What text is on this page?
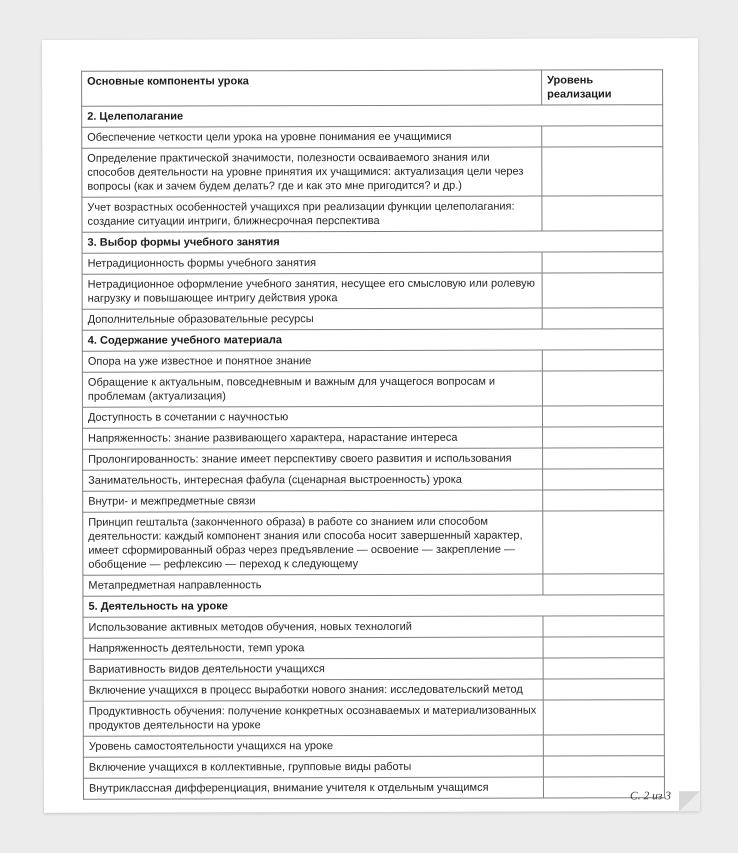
Основные компоненты урока	Уровень реализации
2. Целеполагание	
Обеспечение четкости цели урока на уровне понимания ее учащимися	
Определение практической значимости, полезности осваиваемого знания или способов деятельности на уровне принятия их учащимися: актуализация цели через вопросы (как и зачем будем делать? где и как это мне пригодится? и др.)	
Учет возрастных особенностей учащихся при реализации функции целеполагания: создание ситуации интриги, ближнесрочная перспектива	
3. Выбор формы учебного занятия	
Нетрадиционность формы учебного занятия	
Нетрадиционное оформление учебного занятия, несущее его смысловую или ролевую нагрузку и повышающее интригу действия урока	
Дополнительные образовательные ресурсы	
4. Содержание учебного материала	
Опора на уже известное и понятное знание	
Обращение к актуальным, повседневным и важным для учащегося вопросам и проблемам (актуализация)	
Доступность в сочетании с научностью	
Напряженность: знание развивающего характера, нарастание интереса	
Пролонгированность: знание имеет перспективу своего развития и использования	
Занимательность, интересная фабула (сценарная выстроенность) урока	
Внутри- и межпредметные связи	
Принцип гештальта (законченного образа) в работе со знанием или способом деятельности: каждый компонент знания или способа носит завершенный характер, имеет сформированный образ через предъявление — освоение — закрепление — обобщение — рефлексию — переход к следующему	
Метапредметная направленность	
5. Деятельность на уроке	
Использование активных методов обучения, новых технологий	
Напряженность деятельности, темп урока	
Вариативность видов деятельности учащихся	
Включение учащихся в процесс выработки нового знания: исследовательский метод	
Продуктивность обучения: получение конкретных осознаваемых и материализованных продуктов деятельности на уроке	
Уровень самостоятельности учащихся на уроке	
Включение учащихся в коллективные, групповые виды работы	
Внутриклассная дифференциация, внимание учителя к отдельным учащимся	
С. 2 из 3
